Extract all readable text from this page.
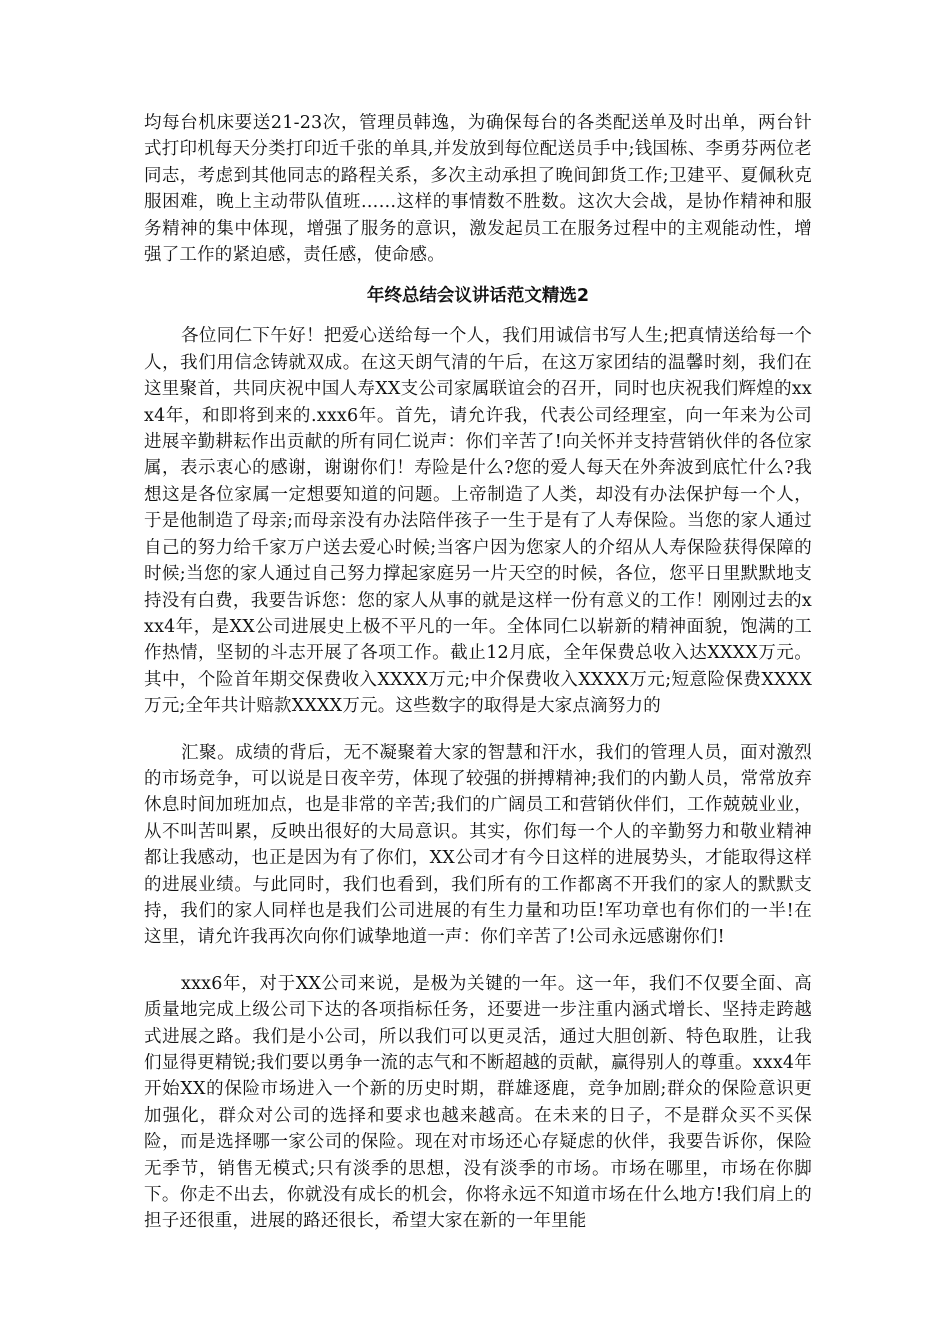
均每台机床要送21-23次，管理员韩逸，为确保每台的各类配送单及时出单，两台针式打印机每天分类打印近千张的单具,并发放到每位配送员手中;钱国栋、李勇芬两位老同志，考虑到其他同志的路程关系，多次主动承担了晚间卸货工作;卫建平、夏佩秋克服困难，晚上主动带队值班……这样的事情数不胜数。这次大会战，是协作精神和服务精神的集中体现，增强了服务的意识，激发起员工在服务过程中的主观能动性，增强了工作的紧迫感，责任感，使命感。

年终总结会议讲话范文精选2

各位同仁下午好！把爱心送给每一个人，我们用诚信书写人生;把真情送给每一个人，我们用信念铸就双成。在这天朗气清的午后，在这万家团结的温馨时刻，我们在这里聚首，共同庆祝中国人寿XX支公司家属联谊会的召开，同时也庆祝我们辉煌的xxx4年，和即将到来的.xxx6年。首先，请允许我，代表公司经理室，向一年来为公司进展辛勤耕耘作出贡献的所有同仁说声：你们辛苦了!向关怀并支持营销伙伴的各位家属，表示衷心的感谢，谢谢你们！寿险是什么?您的爱人每天在外奔波到底忙什么?我想这是各位家属一定想要知道的问题。上帝制造了人类，却没有办法保护每一个人，于是他制造了母亲;而母亲没有办法陪伴孩子一生于是有了人寿保险。当您的家人通过自己的努力给千家万户送去爱心时候;当客户因为您家人的介绍从人寿保险获得保障的时候;当您的家人通过自己努力撑起家庭另一片天空的时候，各位，您平日里默默地支持没有白费，我要告诉您：您的家人从事的就是这样一份有意义的工作！刚刚过去的xxx4年，是XX公司进展史上极不平凡的一年。全体同仁以崭新的精神面貌，饱满的工作热情，坚韧的斗志开展了各项工作。截止12月底，全年保费总收入达XXXX万元。其中，个险首年期交保费收入XXXX万元;中介保费收入XXXX万元;短意险保费XXXX万元;全年共计赔款XXXX万元。这些数字的取得是大家点滴努力的

汇聚。成绩的背后，无不凝聚着大家的智慧和汗水，我们的管理人员，面对激烈的市场竞争，可以说是日夜辛劳，体现了较强的拼搏精神;我们的内勤人员，常常放弃休息时间加班加点，也是非常的辛苦;我们的广阔员工和营销伙伴们，工作兢兢业业，从不叫苦叫累，反映出很好的大局意识。其实，你们每一个人的辛勤努力和敬业精神都让我感动，也正是因为有了你们，XX公司才有今日这样的进展势头，才能取得这样的进展业绩。与此同时，我们也看到，我们所有的工作都离不开我们的家人的默默支持，我们的家人同样也是我们公司进展的有生力量和功臣!军功章也有你们的一半!在这里，请允许我再次向你们诚挚地道一声：你们辛苦了!公司永远感谢你们!

xxx6年，对于XX公司来说，是极为关键的一年。这一年，我们不仅要全面、高质量地完成上级公司下达的各项指标任务，还要进一步注重内涵式增长、坚持走跨越式进展之路。我们是小公司，所以我们可以更灵活，通过大胆创新、特色取胜，让我们显得更精锐;我们要以勇争一流的志气和不断超越的贡献，赢得别人的尊重。xxx4年开始XX的保险市场进入一个新的历史时期，群雄逐鹿，竞争加剧;群众的保险意识更加强化，群众对公司的选择和要求也越来越高。在未来的日子，不是群众买不买保险，而是选择哪一家公司的保险。现在对市场还心存疑虑的伙伴，我要告诉你，保险无季节，销售无模式;只有淡季的思想，没有淡季的市场。市场在哪里，市场在你脚下。你走不出去，你就没有成长的机会，你将永远不知道市场在什么地方!我们肩上的担子还很重，进展的路还很长，希望大家在新的一年里能
